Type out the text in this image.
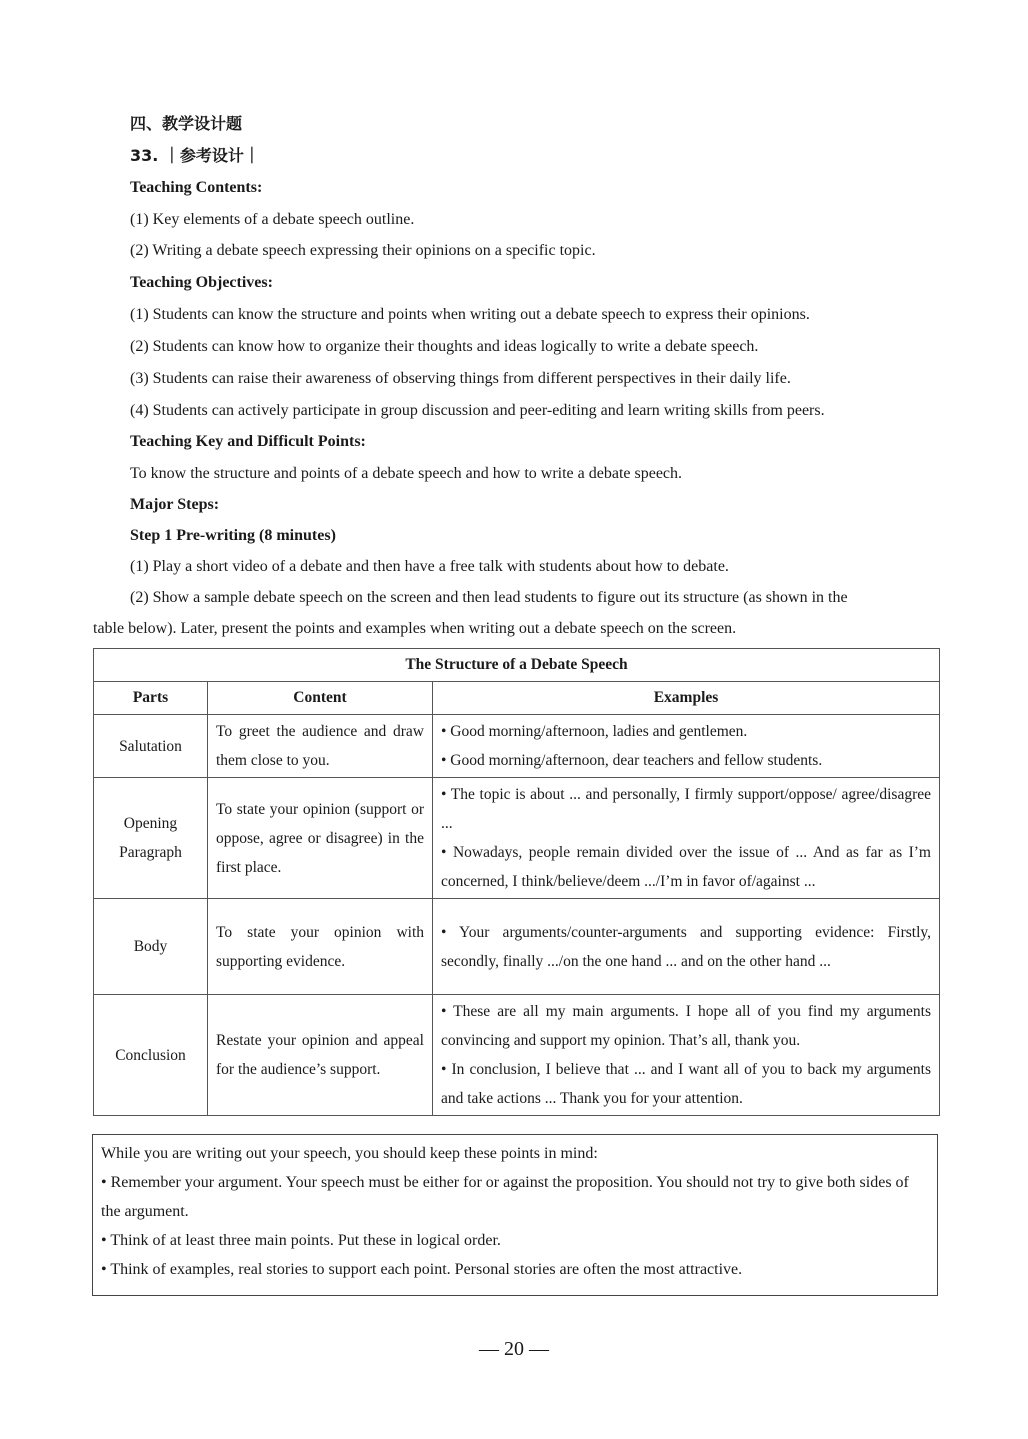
四、教学设计题
33. ｜参考设计｜
Teaching Contents:
(1) Key elements of a debate speech outline.
(2) Writing a debate speech expressing their opinions on a specific topic.
Teaching Objectives:
(1) Students can know the structure and points when writing out a debate speech to express their opinions.
(2) Students can know how to organize their thoughts and ideas logically to write a debate speech.
(3) Students can raise their awareness of observing things from different perspectives in their daily life.
(4) Students can actively participate in group discussion and peer-editing and learn writing skills from peers.
Teaching Key and Difficult Points:
To know the structure and points of a debate speech and how to write a debate speech.
Major Steps:
Step 1 Pre-writing (8 minutes)
(1) Play a short video of a debate and then have a free talk with students about how to debate.
(2) Show a sample debate speech on the screen and then lead students to figure out its structure (as shown in the
table below). Later, present the points and examples when writing out a debate speech on the screen.
The Structure of a Debate Speech		
Parts	Content	Examples
Salutation	To greet the audience and draw them close to you.	• Good morning/afternoon, ladies and gentlemen.
• Good morning/afternoon, dear teachers and fellow students.

Opening Paragraph	To state your opinion (support or oppose, agree or disagree) in the first place.	• The topic is about ... and personally, I firmly support/oppose/ agree/disagree ...
• Nowadays, people remain divided over the issue of ... And as far as I’m concerned, I think/believe/deem .../I’m in favor of/against ...

Body	To state your opinion with supporting evidence.	• Your arguments/counter-arguments and supporting evidence: Firstly, secondly, finally .../on the one hand ... and on the other hand ...

Conclusion	Restate your opinion and appeal for the audience’s support.	• These are all my main arguments. I hope all of you find my arguments convincing and support my opinion. That’s all, thank you.
• In conclusion, I believe that ... and I want all of you to back my arguments and take actions ... Thank you for your attention.

While you are writing out your speech, you should keep these points in mind:

• Remember your argument. Your speech must be either for or against the proposition. You should not try to give both sides of the argument.

• Think of at least three main points. Put these in logical order.

• Think of examples, real stories to support each point. Personal stories are often the most attractive.

— 20 —
